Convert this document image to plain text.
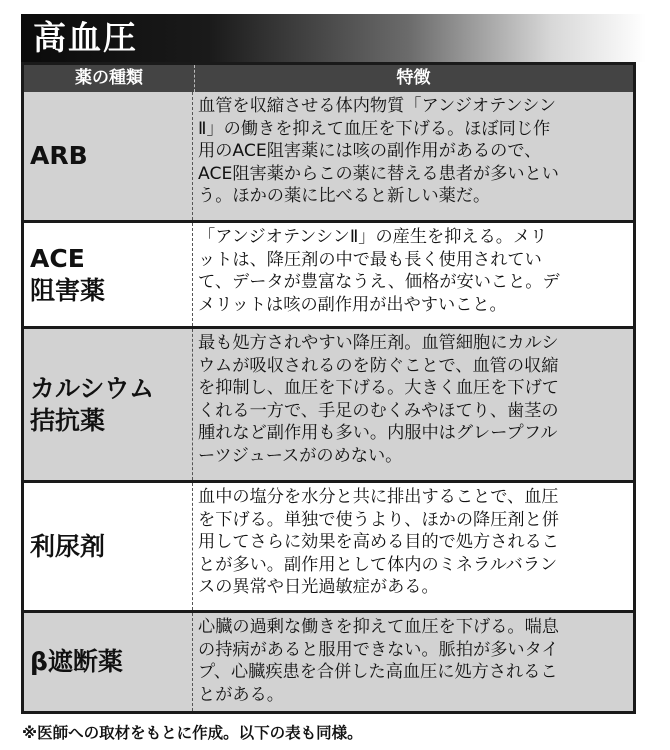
高血圧
薬の種類	特徴
ARB
血管を収縮させる体内物質「アンジオテンシン
Ⅱ」の働きを抑えて血圧を下げる。ほぼ同じ作
用のACE阻害薬には咳の副作用があるので、
ACE阻害薬からこの薬に替える患者が多いとい
う。ほかの薬に比べると新しい薬だ。
ACE
阻害薬
「アンジオテンシンⅡ」の産生を抑える。メリ
ットは、降圧剤の中で最も長く使用されてい
て、データが豊富なうえ、価格が安いこと。デ
メリットは咳の副作用が出やすいこと。
カルシウム
拮抗薬
最も処方されやすい降圧剤。血管細胞にカルシ
ウムが吸収されるのを防ぐことで、血管の収縮
を抑制し、血圧を下げる。大きく血圧を下げて
くれる一方で、手足のむくみやほてり、歯茎の
腫れなど副作用も多い。内服中はグレープフル
ーツジュースがのめない。
利尿剤
血中の塩分を水分と共に排出することで、血圧
を下げる。単独で使うより、ほかの降圧剤と併
用してさらに効果を高める目的で処方されるこ
とが多い。副作用として体内のミネラルバラン
スの異常や日光過敏症がある。
β遮断薬
心臓の過剰な働きを抑えて血圧を下げる。喘息
の持病があると服用できない。脈拍が多いタイ
プ、心臓疾患を合併した高血圧に処方されるこ
とがある。
※医師への取材をもとに作成。以下の表も同様。
